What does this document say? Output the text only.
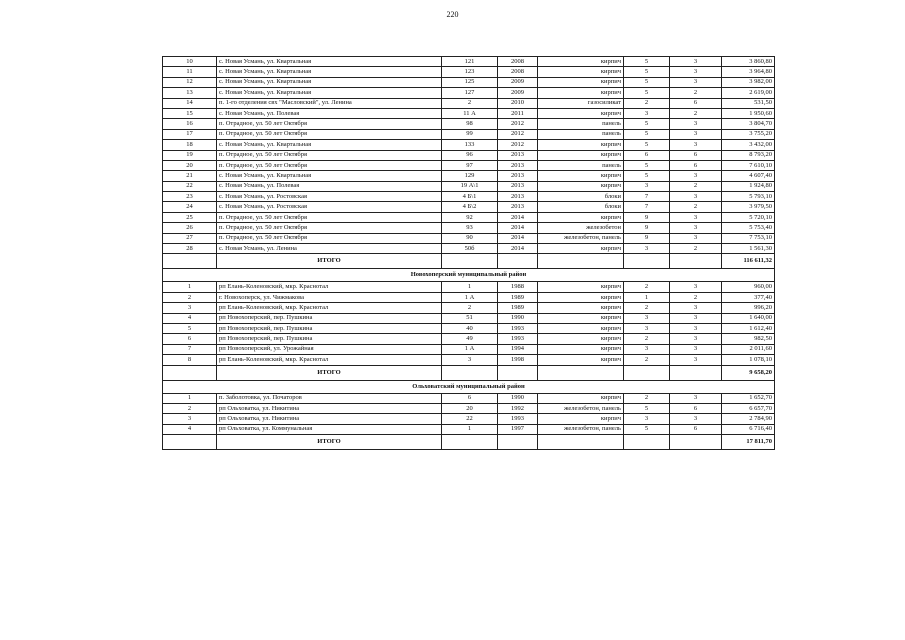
220
10	с. Новая Усмань, ул. Квартальная	121	2008	кирпич	5	3	3 860,80
11	с. Новая Усмань, ул. Квартальная	123	2008	кирпич	5	3	3 964,80
12	с. Новая Усмань, ул. Квартальная	125	2009	кирпич	5	3	3 982,00
13	с. Новая Усмань, ул. Квартальная	127	2009	кирпич	5	2	2 619,00
14	п. 1-го отделения свх "Масловский", ул. Ленина	2	2010	газосиликат	2	6	531,50
15	с. Новая Усмань, ул. Полевая	11 А	2011	кирпич	3	2	1 950,60
16	п. Отрадное, ул. 50 лет Октября	98	2012	панель	5	3	3 804,70
17	п. Отрадное, ул. 50 лет Октября	99	2012	панель	5	3	3 755,20
18	с. Новая Усмань, ул. Квартальная	133	2012	кирпич	5	3	3 432,00
19	п. Отрадное, ул. 50 лет Октября	96	2013	кирпич	6	6	8 793,20
20	п. Отрадное, ул. 50 лет Октября	97	2013	панель	5	6	7 610,10
21	с. Новая Усмань, ул. Квартальная	129	2013	кирпич	5	3	4 607,40
22	с. Новая Усмань, ул. Полевая	19 А\1	2013	кирпич	3	2	1 924,80
23	с. Новая Усмань, ул. Ростовская	4 Б\1	2013	блоки	7	3	5 793,10
24	с. Новая Усмань, ул. Ростовская	4 Б\2	2013	блоки	7	2	3 979,50
25	п. Отрадное, ул. 50 лет Октября	92	2014	кирпич	9	3	5 720,10
26	п. Отрадное, ул. 50 лет Октября	93	2014	железобетон	9	3	5 753,40
27	п. Отрадное, ул. 50 лет Октября	90	2014	железобетон, панель	9	3	7 753,10
28	с. Новая Усмань, ул. Ленина	50б	2014	кирпич	3	2	1 561,30
	ИТОГО						116 611,32
Новохоперский муниципальный район							
1	рп Елань-Коленовский, мкр. Краснотал	1	1988	кирпич	2	3	960,00
2	г. Новохоперск, ул. Чижмакова	1 А	1989	кирпич	1	2	377,40
3	рп Елань-Коленовский, мкр. Краснотал	2	1989	кирпич	2	3	996,20
4	рп Новохоперский, пер. Пушкина	51	1990	кирпич	3	3	1 640,00
5	рп Новохоперский, пер. Пушкина	40	1993	кирпич	3	3	1 612,40
6	рп Новохоперский, пер. Пушкина	49	1993	кирпич	2	3	982,50
7	рп Новохоперский, ул. Урожайная	1 А	1994	кирпич	3	3	2 011,60
8	рп Елань-Коленовский, мкр. Краснотал	3	1998	кирпич	2	3	1 078,10
	ИТОГО						9 658,20
Ольховатский муниципальный район							
1	п. Заболотовка, ул. Початоров	6	1990	кирпич	2	3	1 652,70
2	рп Ольховатка, ул. Никитина	20	1992	железобетон, панель	5	6	6 657,70
3	рп Ольховатка, ул. Никитина	22	1993	кирпич	3	3	2 784,90
4	рп Ольховатка, ул. Коммунальная	1	1997	железобетон, панель	5	6	6 716,40
	ИТОГО						17 811,70
